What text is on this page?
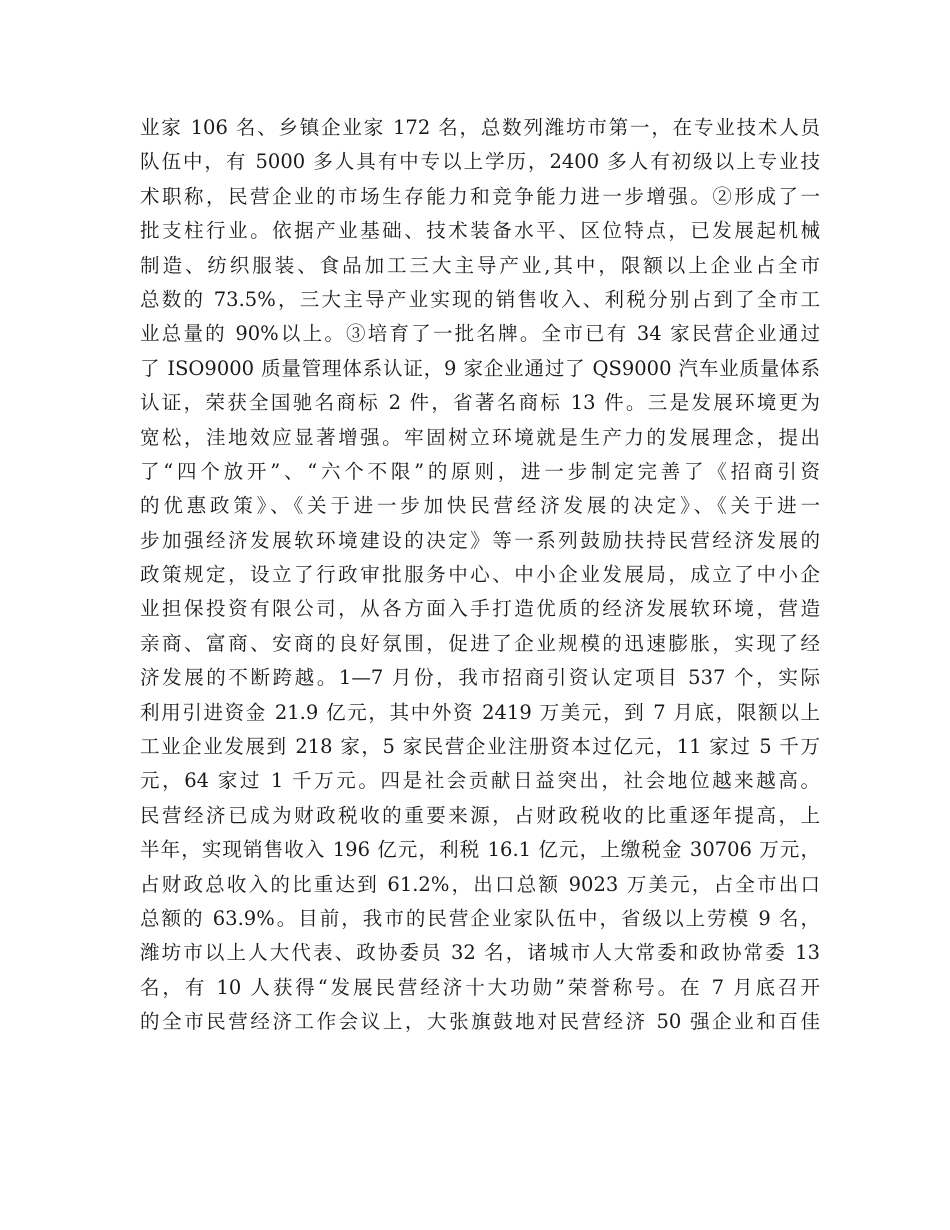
业家 106 名、乡镇企业家 172 名，总数列潍坊市第一，在专业技术人员
队伍中，有 5000 多人具有中专以上学历，2400 多人有初级以上专业技
术职称，民营企业的市场生存能力和竞争能力进一步增强。②形成了一
批支柱行业。依据产业基础、技术装备水平、区位特点，已发展起机械
制造、纺织服装、食品加工三大主导产业,其中，限额以上企业占全市
总数的 73.5%，三大主导产业实现的销售收入、利税分别占到了全市工
业总量的 90%以上。③培育了一批名牌。全市已有 34 家民营企业通过
了 ISO9000 质量管理体系认证，9 家企业通过了 QS9000 汽车业质量体系
认证，荣获全国驰名商标 2 件，省著名商标 13 件。三是发展环境更为
宽松，洼地效应显著增强。牢固树立环境就是生产力的发展理念，提出
了“四个放开”、“六个不限”的原则，进一步制定完善了《招商引资
的优惠政策》、《关于进一步加快民营经济发展的决定》、《关于进一
步加强经济发展软环境建设的决定》等一系列鼓励扶持民营经济发展的
政策规定，设立了行政审批服务中心、中小企业发展局，成立了中小企
业担保投资有限公司，从各方面入手打造优质的经济发展软环境，营造
亲商、富商、安商的良好氛围，促进了企业规模的迅速膨胀，实现了经
济发展的不断跨越。1—7 月份，我市招商引资认定项目 537 个，实际
利用引进资金 21.9 亿元，其中外资 2419 万美元，到 7 月底，限额以上
工业企业发展到 218 家，5 家民营企业注册资本过亿元，11 家过 5 千万
元，64 家过 1 千万元。四是社会贡献日益突出，社会地位越来越高。
民营经济已成为财政税收的重要来源，占财政税收的比重逐年提高，上
半年，实现销售收入 196 亿元，利税 16.1 亿元，上缴税金 30706 万元，
占财政总收入的比重达到 61.2%，出口总额 9023 万美元，占全市出口
总额的 63.9%。目前，我市的民营企业家队伍中，省级以上劳模 9 名，
潍坊市以上人大代表、政协委员 32 名，诸城市人大常委和政协常委 13
名，有 10 人获得“发展民营经济十大功勋”荣誉称号。在 7 月底召开
的全市民营经济工作会议上，大张旗鼓地对民营经济 50 强企业和百佳
